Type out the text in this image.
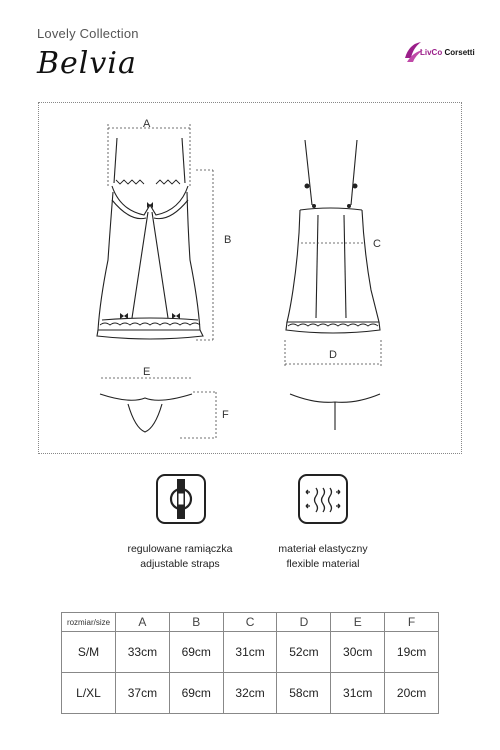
Lovely Collection
Belvia	LivCo Corsetti
A
B	C
D
E
F
regulowane ramiączka
adjustable straps
materiał elastyczny
flexible material
rozmiar/size	A	B	C	D	E	F
S/M	33cm	69cm	31cm	52cm	30cm	19cm
L/XL	37cm	69cm	32cm	58cm	31cm	20cm
